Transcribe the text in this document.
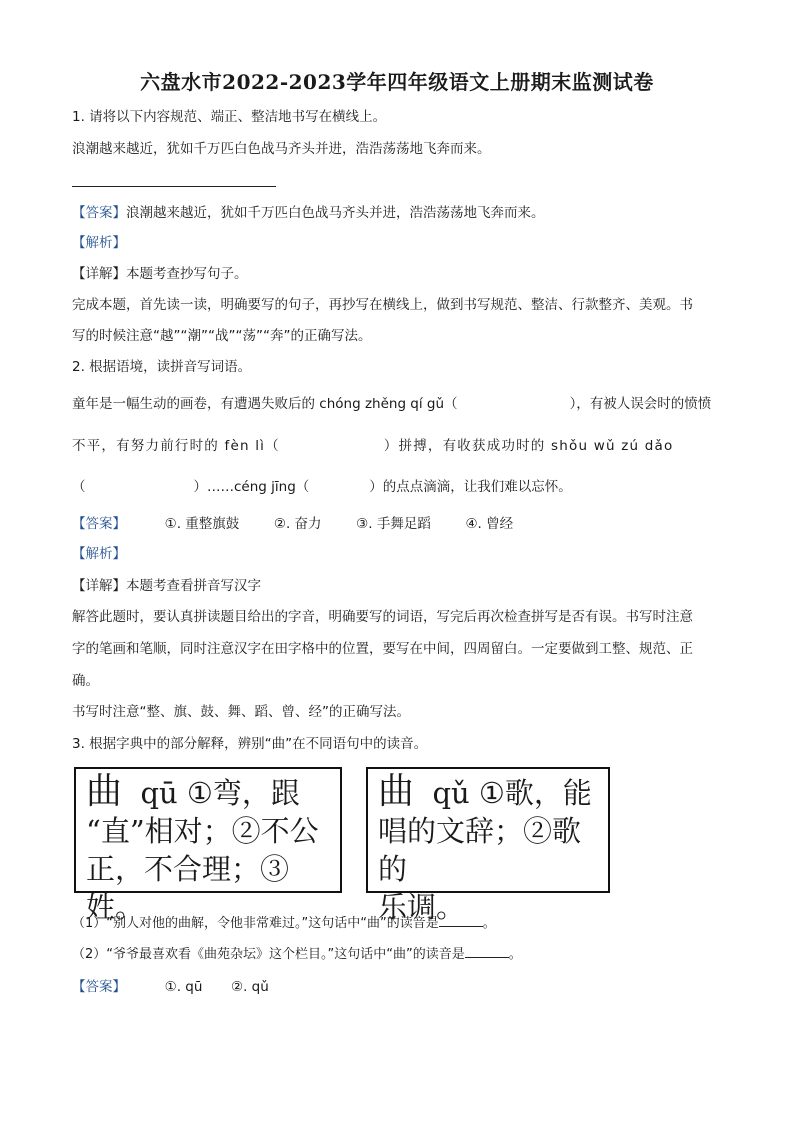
六盘水市2022-2023学年四年级语文上册期末监测试卷
1. 请将以下内容规范、端正、整洁地书写在横线上。
浪潮越来越近，犹如千万匹白色战马齐头并进，浩浩荡荡地飞奔而来。
【答案】浪潮越来越近，犹如千万匹白色战马齐头并进，浩浩荡荡地飞奔而来。
【解析】
【详解】本题考查抄写句子。
完成本题，首先读一读，明确要写的句子，再抄写在横线上，做到书写规范、整洁、行款整齐、美观。书
写的时候注意“越”“潮”“战”“荡”“奔”的正确写法。
2. 根据语境，读拼音写词语。
童年是一幅生动的画卷，有遭遇失败后的 chóng zhěng qí gǔ（	），有被人误会时的愤愤
不平，有努力前行时的 fèn lì（	）拼搏，有收获成功时的 shǒu wǔ zú dǎo
（	）……céng jīng（	）的点点滴滴，让我们难以忘怀。
【答案】	①. 重整旗鼓	②. 奋力	③. 手舞足蹈	④. 曾经
【解析】
【详解】本题考查看拼音写汉字
解答此题时，要认真拼读题目给出的字音，明确要写的词语，写完后再次检查拼写是否有误。书写时注意
字的笔画和笔顺，同时注意汉字在田字格中的位置，要写在中间，四周留白。一定要做到工整、规范、正
确。
书写时注意“整、旗、鼓、舞、蹈、曾、经”的正确写法。
3. 根据字典中的部分解释，辨别“曲”在不同语句中的读音。
曲 qū ①弯，跟
“直”相对；②不公
正，不合理；③姓。
曲 qǔ ①歌，能
唱的文辞；②歌的
乐调。
（1）“别人对他的曲解，令他非常难过。”这句话中“曲”的读音是	。
（2）“爷爷最喜欢看《曲苑杂坛》这个栏目。”这句话中“曲”的读音是	。
【答案】	①. qū ②. qǔ
